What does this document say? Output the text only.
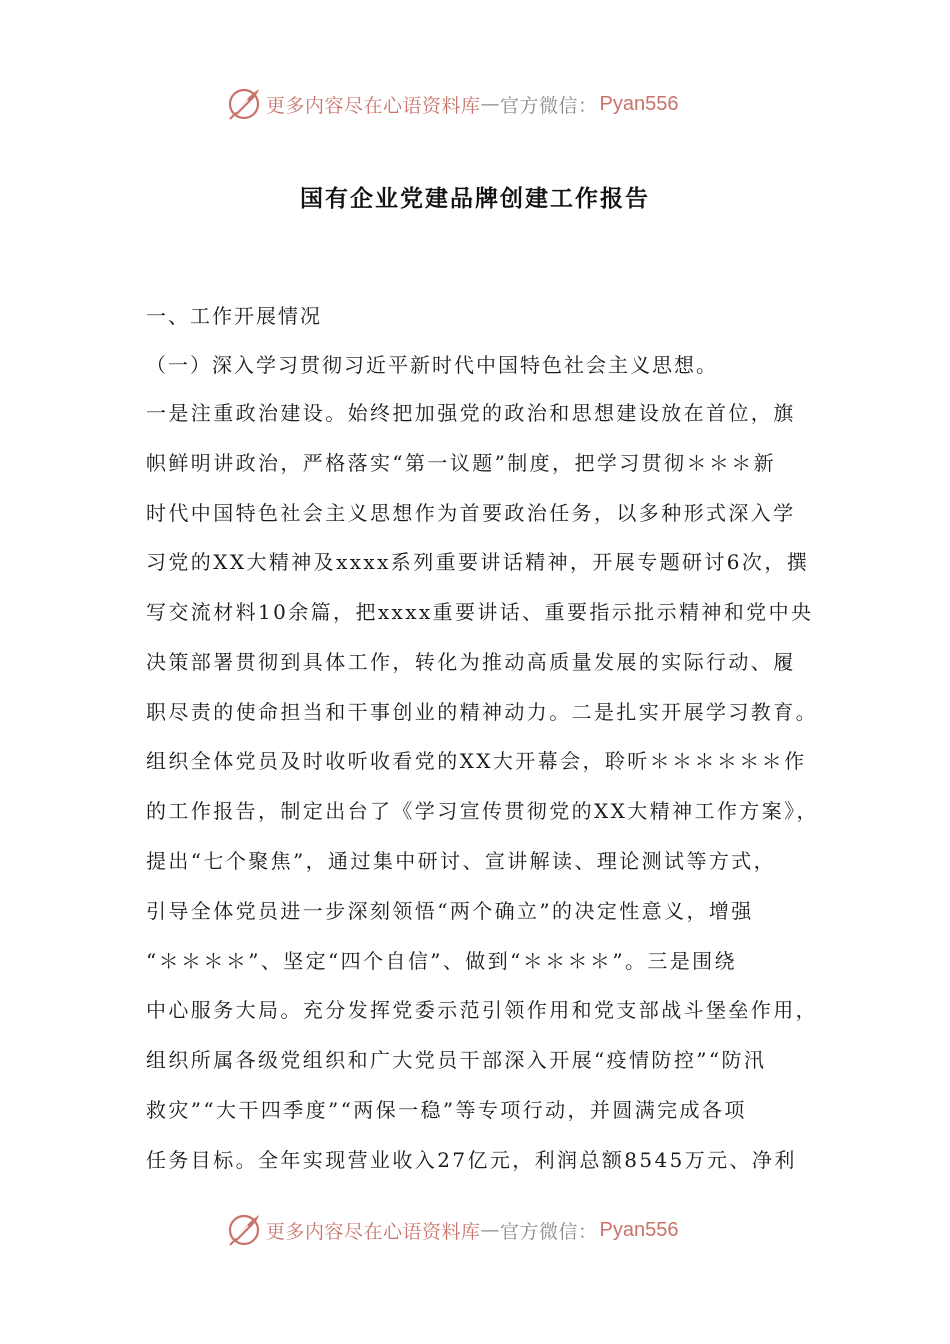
更多内容尽在心语资料库 — 官方微信： Pyan556
国有企业党建品牌创建工作报告
一、工作开展情况
（一）深入学习贯彻习近平新时代中国特色社会主义思想。
一是注重政治建设。始终把加强党的政治和思想建设放在首位，旗
帜鲜明讲政治，严格落实“第一议题”制度，把学习贯彻＊＊＊新
时代中国特色社会主义思想作为首要政治任务，以多种形式深入学
习党的XX大精神及xxxx系列重要讲话精神，开展专题研讨6次，撰
写交流材料10余篇，把xxxx重要讲话、重要指示批示精神和党中央
决策部署贯彻到具体工作，转化为推动高质量发展的实际行动、履
职尽责的使命担当和干事创业的精神动力。二是扎实开展学习教育。
组织全体党员及时收听收看党的XX大开幕会，聆听＊＊＊＊＊＊作
的工作报告，制定出台了《学习宣传贯彻党的XX大精神工作方案》，
提出“七个聚焦”，通过集中研讨、宣讲解读、理论测试等方式，
引导全体党员进一步深刻领悟“两个确立”的决定性意义，增强
“＊＊＊＊”、坚定“四个自信”、做到“＊＊＊＊”。三是围绕
中心服务大局。充分发挥党委示范引领作用和党支部战斗堡垒作用，
组织所属各级党组织和广大党员干部深入开展“疫情防控”“防汛
救灾”“大干四季度”“两保一稳”等专项行动，并圆满完成各项
任务目标。全年实现营业收入27亿元，利润总额8545万元、净利
更多内容尽在心语资料库 — 官方微信： Pyan556
